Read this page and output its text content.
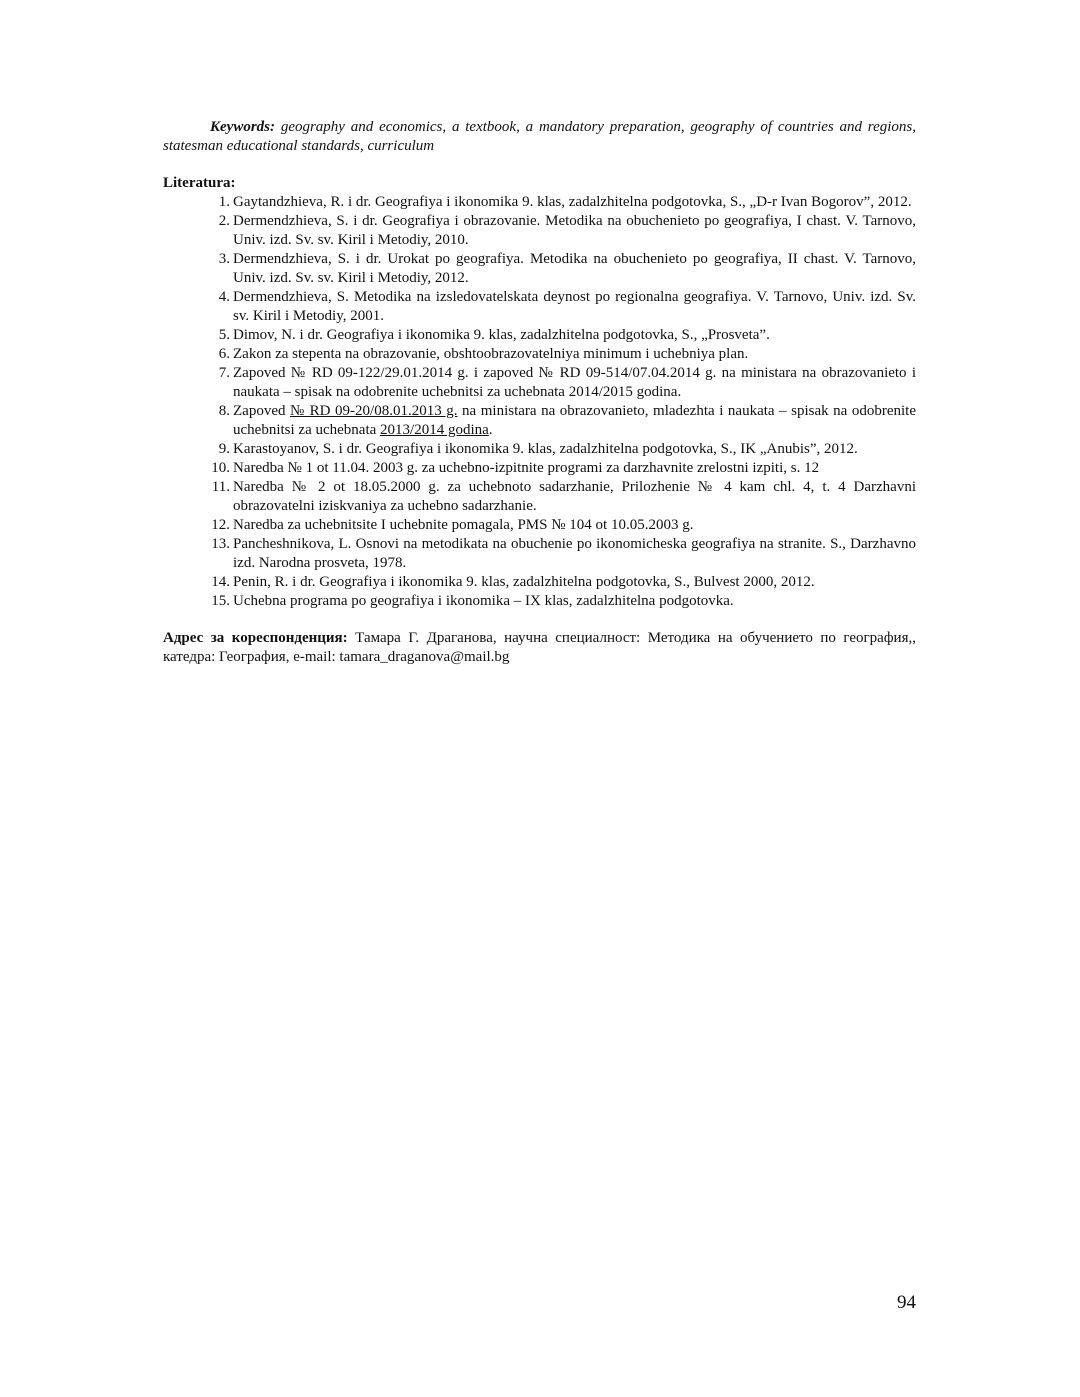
Keywords: geography and economics, a textbook, a mandatory preparation, geography of countries and regions, statesman educational standards, curriculum

Literatura:
1. Gaytandzhieva, R. i dr. Geografiya i ikonomika 9. klas, zadalzhitelna podgotovka, S., „D-r Ivan Bogorov”, 2012.
2. Dermendzhieva, S. i dr. Geografiya i obrazovanie. Metodika na obuchenieto po geografiya, I chast. V. Tarnovo, Univ. izd. Sv. sv. Kiril i Metodiy, 2010.
3. Dermendzhieva, S. i dr. Urokat po geografiya. Metodika na obuchenieto po geografiya, II chast. V. Tarnovo, Univ. izd. Sv. sv. Kiril i Metodiy, 2012.
4. Dermendzhieva, S. Metodika na izsledovatelskata deynost po regionalna geografiya. V. Tarnovo, Univ. izd. Sv. sv. Kiril i Metodiy, 2001.
5. Dimov, N. i dr. Geografiya i ikonomika 9. klas, zadalzhitelna podgotovka, S., „Prosveta”.
6. Zakon za stepenta na obrazovanie, obshtoobrazovatelniya minimum i uchebniya plan.
7. Zapoved № RD 09-122/29.01.2014 g. i zapoved № RD 09-514/07.04.2014 g. na ministara na obrazovanieto i naukata – spisak na odobrenite uchebnitsi za uchebnata 2014/2015 godina.
8. Zapoved № RD 09-20/08.01.2013 g. na ministara na obrazovanieto, mladezhta i naukata – spisak na odobrenite uchebnitsi za uchebnata 2013/2014 godina.
9. Karastoyanov, S. i dr. Geografiya i ikonomika 9. klas, zadalzhitelna podgotovka, S., IK „Anubis”, 2012.
10. Naredba № 1 ot 11.04. 2003 g. za uchebno-izpitnite programi za darzhavnite zrelostni izpiti, s. 12
11. Naredba № 2 ot 18.05.2000 g. za uchebnoto sadarzhanie, Prilozhenie № 4 kam chl. 4, t. 4 Darzhavni obrazovatelni iziskvaniya za uchebno sadarzhanie.
12. Naredba za uchebnitsite I uchebnite pomagala, PMS № 104 ot 10.05.2003 g.
13. Pancheshnikova, L. Osnovi na metodikata na obuchenie po ikonomicheska geografiya na stranite. S., Darzhavno izd. Narodna prosveta, 1978.
14. Penin, R. i dr. Geografiya i ikonomika 9. klas, zadalzhitelna podgotovka, S., Bulvest 2000, 2012.
15. Uchebna programa po geografiya i ikonomika – IX klas, zadalzhitelna podgotovka.

Адрес за кореспонденция: Тамара Г. Драганова, научна специалност: Методика на обучението по география,, катедра: География, e-mail: tamara_draganova@mail.bg

94
